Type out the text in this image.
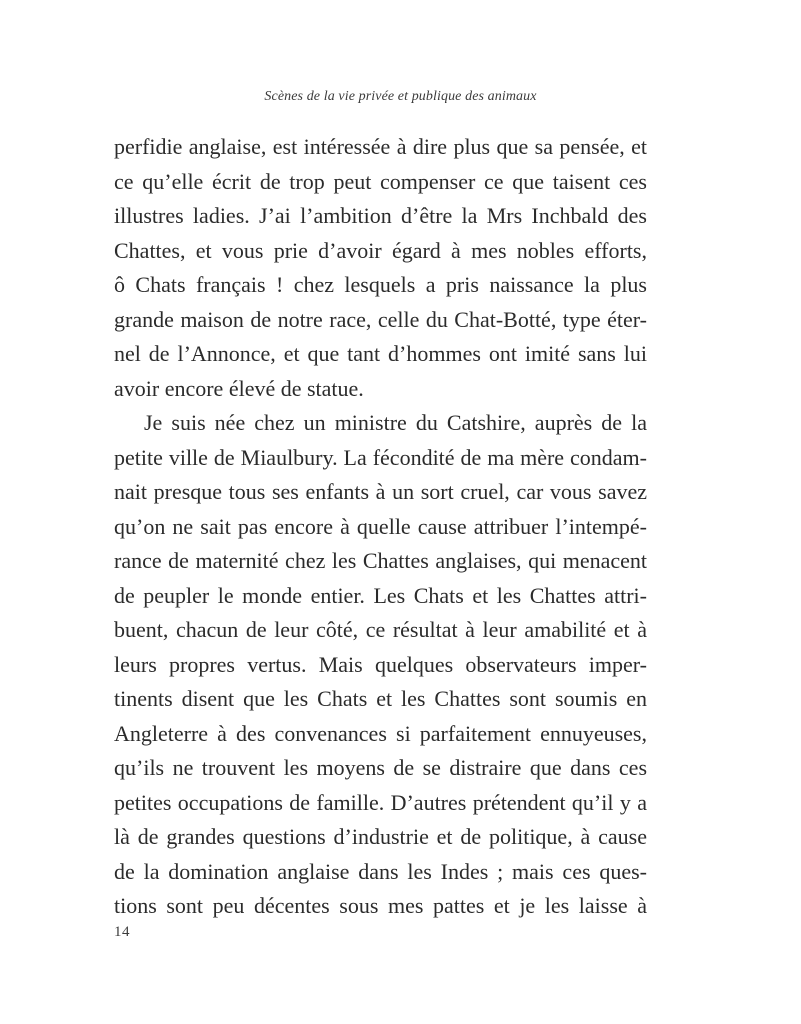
Scènes de la vie privée et publique des animaux
perfidie anglaise, est intéressée à dire plus que sa pensée, et
ce qu’elle écrit de trop peut compenser ce que taisent ces
illustres ladies. J’ai l’ambition d’être la Mrs Inchbald des
Chattes, et vous prie d’avoir égard à mes nobles efforts,
ô Chats français ! chez lesquels a pris naissance la plus
grande maison de notre race, celle du Chat-Botté, type éter-
nel de l’Annonce, et que tant d’hommes ont imité sans lui
avoir encore élevé de statue.
Je suis née chez un ministre du Catshire, auprès de la
petite ville de Miaulbury. La fécondité de ma mère condam-
nait presque tous ses enfants à un sort cruel, car vous savez
qu’on ne sait pas encore à quelle cause attribuer l’intempé-
rance de maternité chez les Chattes anglaises, qui menacent
de peupler le monde entier. Les Chats et les Chattes attri-
buent, chacun de leur côté, ce résultat à leur amabilité et à
leurs propres vertus. Mais quelques observateurs imper-
tinents disent que les Chats et les Chattes sont soumis en
Angleterre à des convenances si parfaitement ennuyeuses,
qu’ils ne trouvent les moyens de se distraire que dans ces
petites occupations de famille. D’autres prétendent qu’il y a
là de grandes questions d’industrie et de politique, à cause
de la domination anglaise dans les Indes ; mais ces ques-
tions sont peu décentes sous mes pattes et je les laisse à
14
